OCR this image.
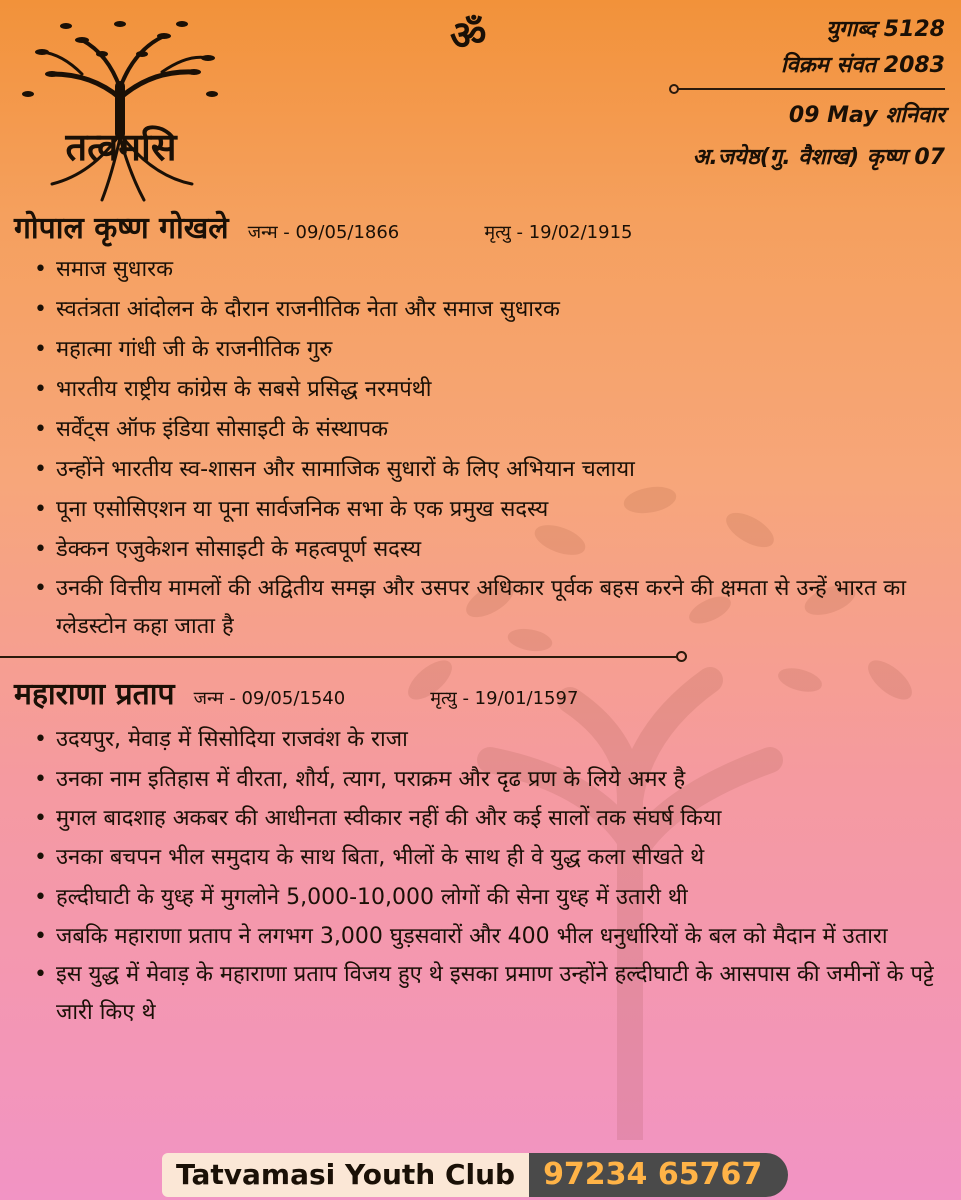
तत्वमसि
ॐ	युगाब्द 5128
विक्रम संवत 2083
09 May शनिवार
अ.जयेष्ठ(गु. वैशाख) कृष्ण 07
गोपाल कृष्ण गोखले जन्म - 09/05/1866	मृत्यु - 19/02/1915
• समाज सुधारक
• स्वतंत्रता आंदोलन के दौरान राजनीतिक नेता और समाज सुधारक
• महात्मा गांधी जी के राजनीतिक गुरु
• भारतीय राष्ट्रीय कांग्रेस के सबसे प्रसिद्ध नरमपंथी
• सर्वेंट्स ऑफ इंडिया सोसाइटी के संस्थापक
• उन्होंने भारतीय स्व-शासन और सामाजिक सुधारों के लिए अभियान चलाया
• पूना एसोसिएशन या पूना सार्वजनिक सभा के एक प्रमुख सदस्य
• डेक्कन एजुकेशन सोसाइटी के महत्वपूर्ण सदस्य
• उनकी वित्तीय मामलों की अद्वितीय समझ और उसपर अधिकार पूर्वक बहस करने की क्षमता से उन्हें भारत का ग्लेडस्टोन कहा जाता है
महाराणा प्रताप जन्म - 09/05/1540	मृत्यु - 19/01/1597
• उदयपुर, मेवाड़ में सिसोदिया राजवंश के राजा
• उनका नाम इतिहास में वीरता, शौर्य, त्याग, पराक्रम और दृढ प्रण के लिये अमर है
• मुगल बादशाह अकबर की आधीनता स्वीकार नहीं की और कई सालों तक संघर्ष किया
• उनका बचपन भील समुदाय के साथ बिता, भीलों के साथ ही वे युद्ध कला सीखते थे
• हल्दीघाटी के युध्ह में मुगलोने 5,000-10,000 लोगों की सेना युध्ह में उतारी थी
• जबकि महाराणा प्रताप ने लगभग 3,000 घुड़सवारों और 400 भील धनुर्धारियों के बल को मैदान में उतारा
• इस युद्ध में मेवाड़ के महाराणा प्रताप विजय हुए थे इसका प्रमाण उन्होंने हल्दीघाटी के आसपास की जमीनों के पट्टे जारी किए थे
Tatvamasi Youth Club 97234 65767
